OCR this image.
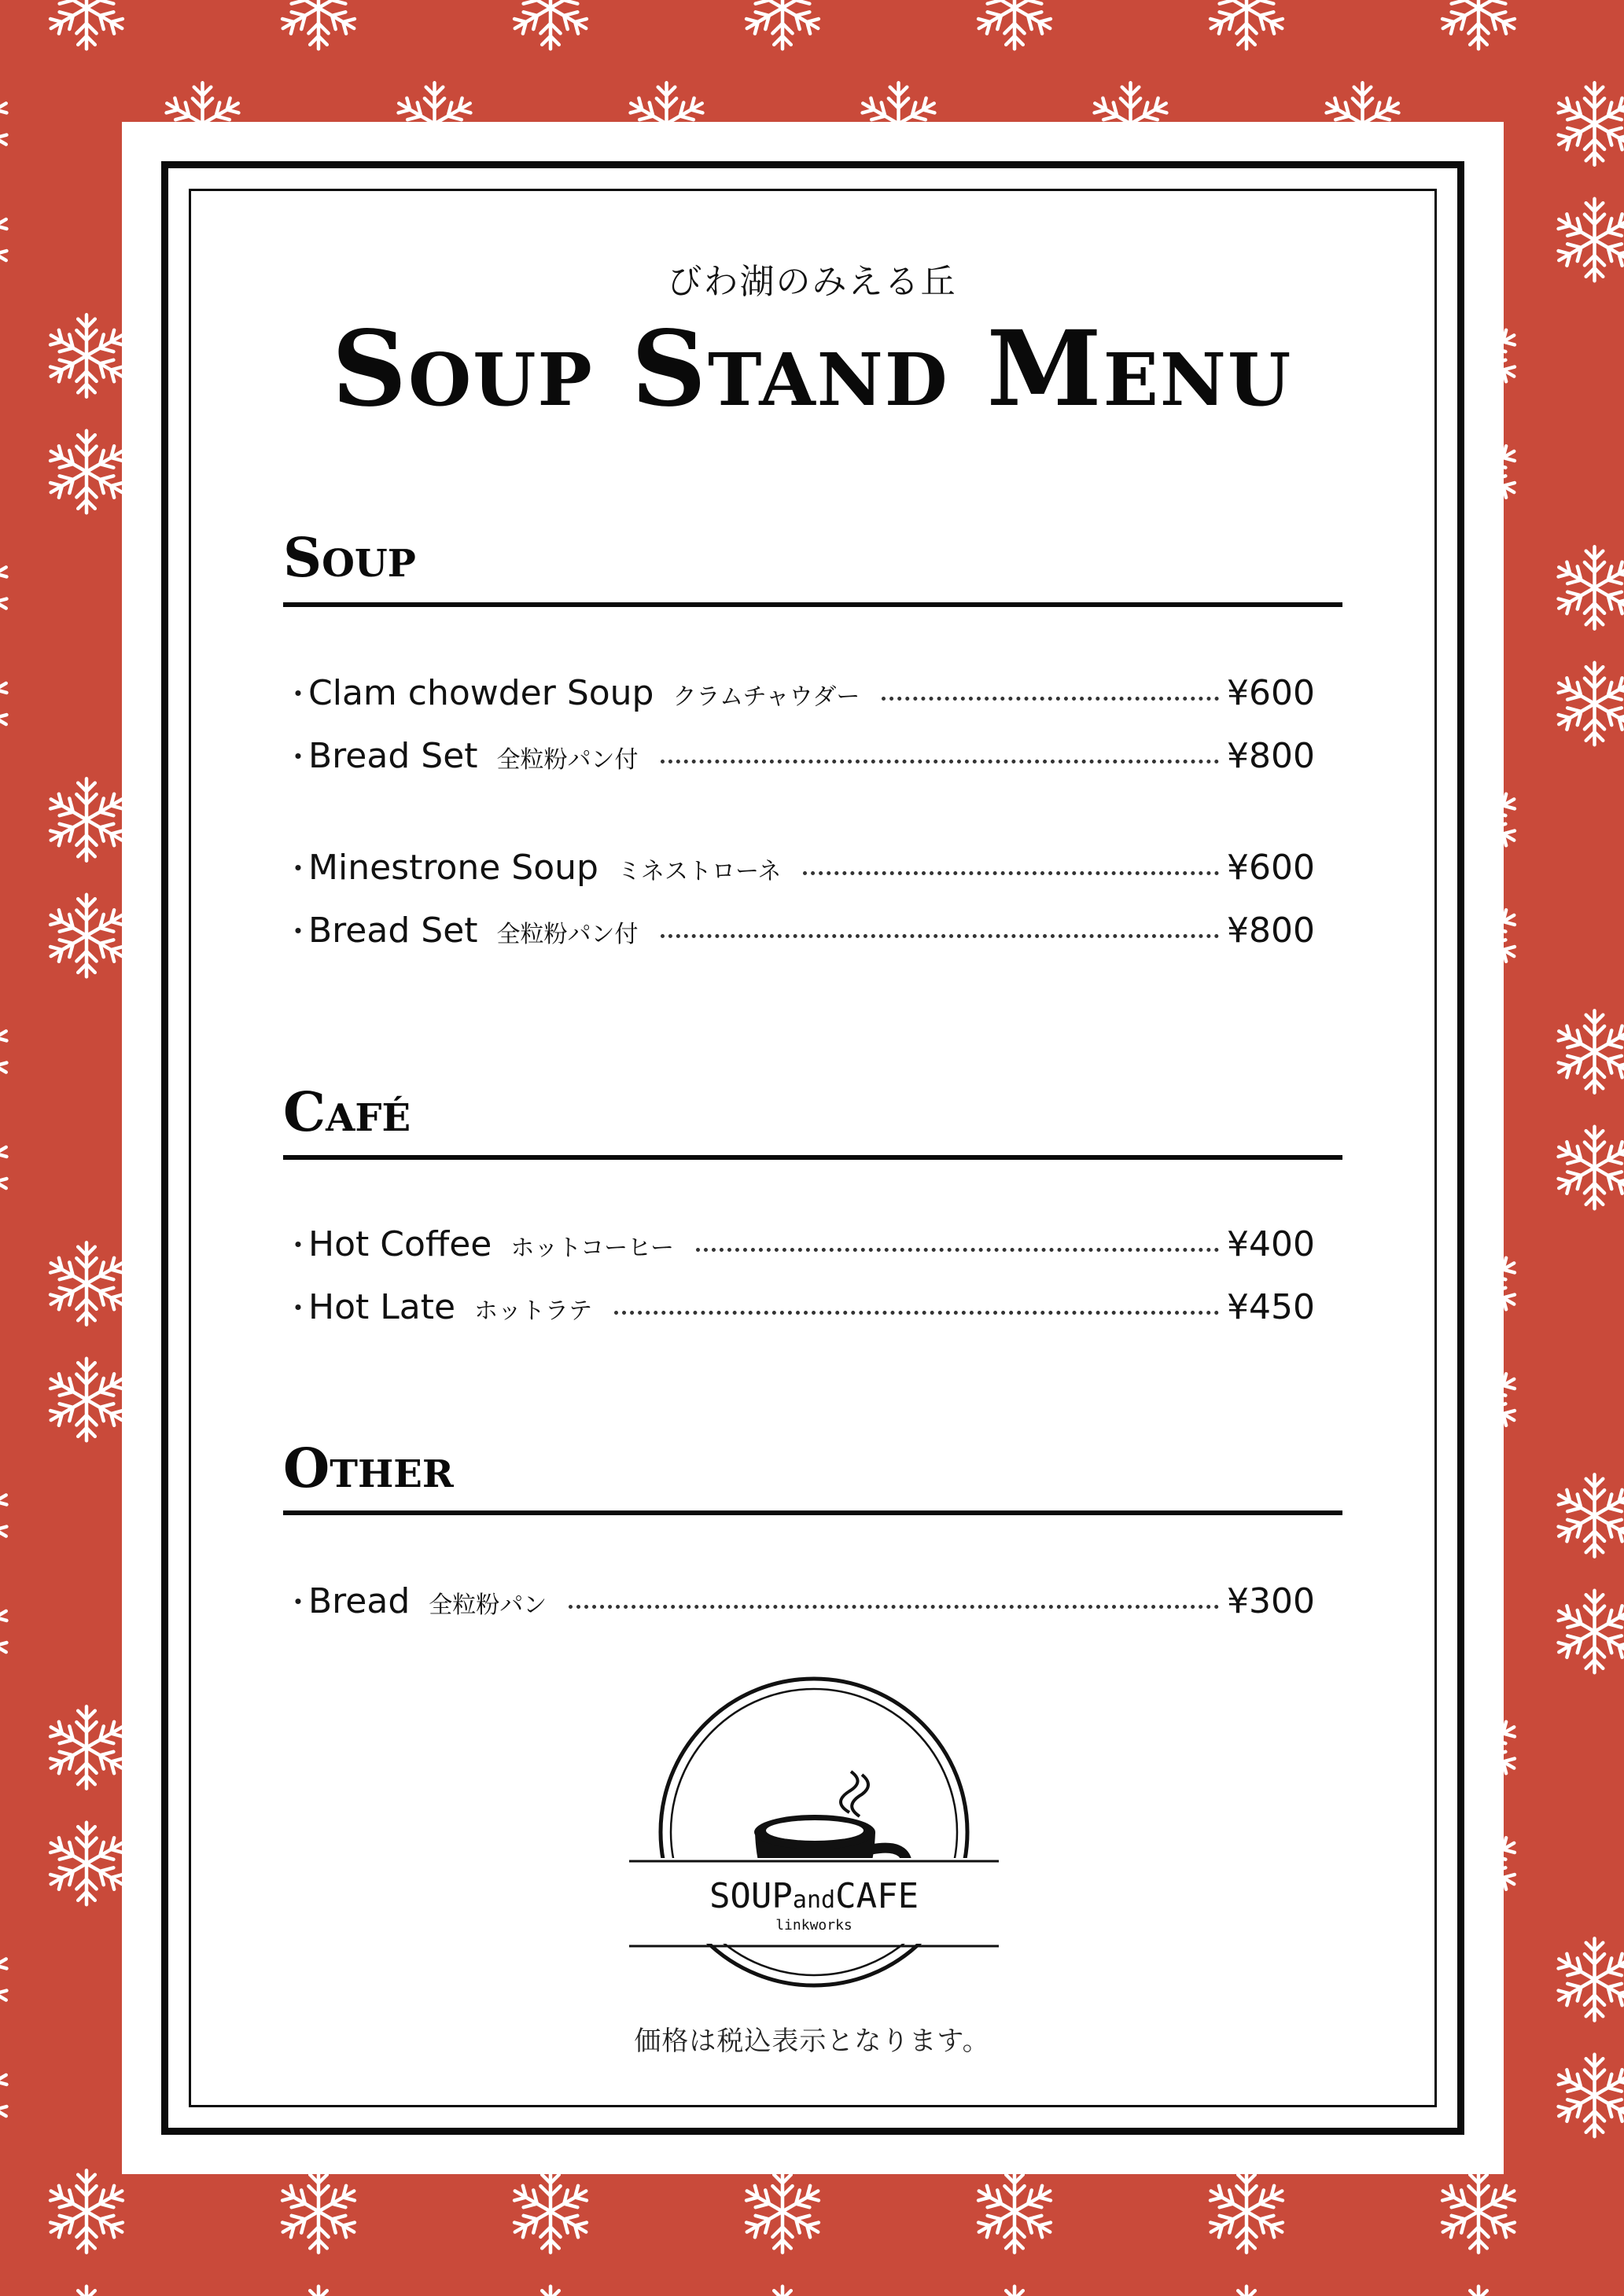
びわ湖のみえる丘
Soup Stand Menu
Soup
・
Clam chowder Soup クラムチャウダー	¥600
・
Bread Set 全粒粉パン付	¥800
・
Minestrone Soup ミネストローネ	¥600
・
Bread Set 全粒粉パン付	¥800
Café
・
Hot Coffee ホットコーヒー	¥400
・
Hot Late ホットラテ	¥450
Other
・
Bread 全粒粉パン	¥300
SOUPandCAFE
linkworks
価格は税込表示となります。
